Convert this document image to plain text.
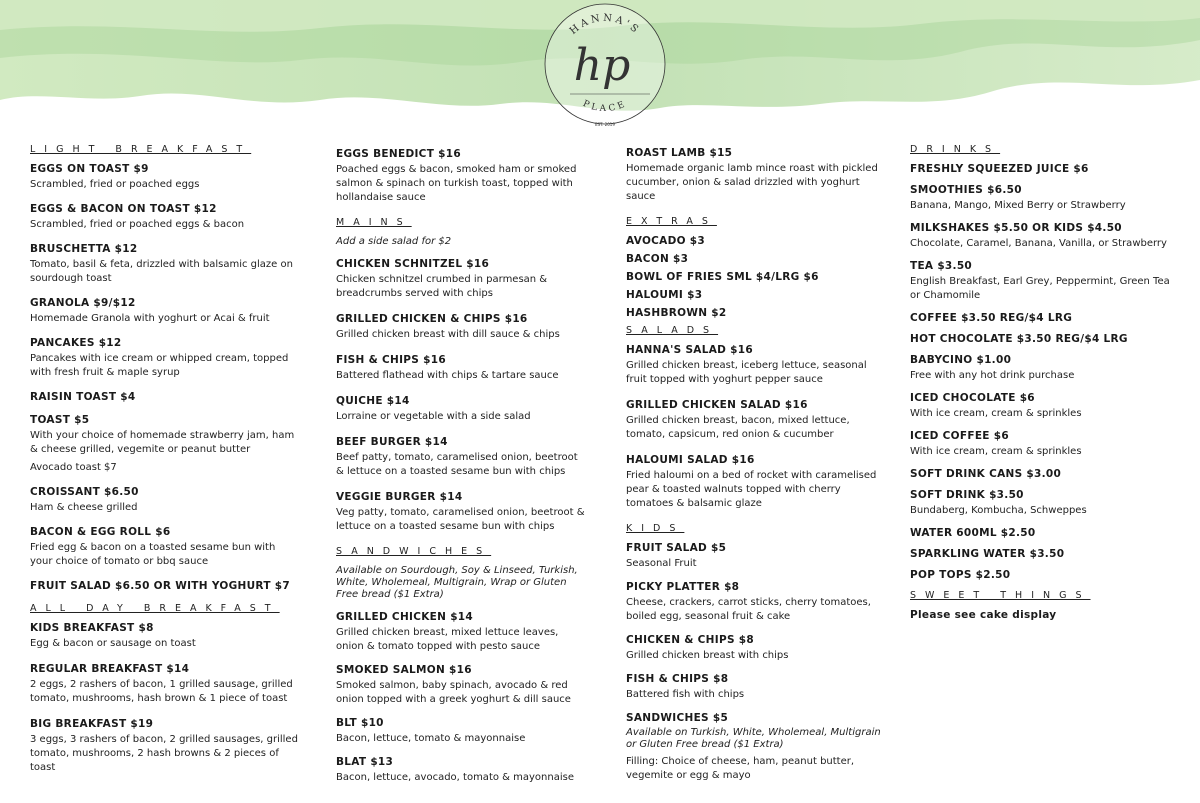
HANNA'S
PLACE
EST. 2019
hp
LIGHT BREAKFAST
EGGS ON TOAST $9
Scrambled, fried or poached eggs
EGGS & BACON ON TOAST $12
Scrambled, fried or poached eggs & bacon
BRUSCHETTA $12
Tomato, basil & feta, drizzled with balsamic glaze on sourdough toast
GRANOLA $9/$12
Homemade Granola with yoghurt or Acai & fruit
PANCAKES $12
Pancakes with ice cream or whipped cream, topped with fresh fruit & maple syrup
RAISIN TOAST $4
TOAST $5
With your choice of homemade strawberry jam, ham & cheese grilled, vegemite or peanut butter
Avocado toast $7
CROISSANT $6.50
Ham & cheese grilled
BACON & EGG ROLL $6
Fried egg & bacon on a toasted sesame bun with your choice of tomato or bbq sauce
FRUIT SALAD $6.50 OR WITH YOGHURT $7
ALL DAY BREAKFAST
KIDS BREAKFAST $8
Egg & bacon or sausage on toast
REGULAR BREAKFAST $14
2 eggs, 2 rashers of bacon, 1 grilled sausage, grilled tomato, mushrooms, hash brown & 1 piece of toast
BIG BREAKFAST $19
3 eggs, 3 rashers of bacon, 2 grilled sausages, grilled tomato, mushrooms, 2 hash browns & 2 pieces of toast
EGGS BENEDICT $16
Poached eggs & bacon, smoked ham or smoked salmon & spinach on turkish toast, topped with hollandaise sauce
MAINS
Add a side salad for $2
CHICKEN SCHNITZEL $16
Chicken schnitzel crumbed in parmesan & breadcrumbs served with chips
GRILLED CHICKEN & CHIPS $16
Grilled chicken breast with dill sauce & chips
FISH & CHIPS $16
Battered flathead with chips & tartare sauce
QUICHE $14
Lorraine or vegetable with a side salad
BEEF BURGER $14
Beef patty, tomato, caramelised onion, beetroot & lettuce on a toasted sesame bun with chips
VEGGIE BURGER $14
Veg patty, tomato, caramelised onion, beetroot & lettuce on a toasted sesame bun with chips
SANDWICHES
Available on Sourdough, Soy & Linseed, Turkish, White, Wholemeal, Multigrain, Wrap or Gluten Free bread ($1 Extra)
GRILLED CHICKEN $14
Grilled chicken breast, mixed lettuce leaves, onion & tomato topped with pesto sauce
SMOKED SALMON $16
Smoked salmon, baby spinach, avocado & red onion topped with a greek yoghurt & dill sauce
BLT $10
Bacon, lettuce, tomato & mayonnaise
BLAT $13
Bacon, lettuce, avocado, tomato & mayonnaise
ROAST LAMB $15
Homemade organic lamb mince roast with pickled cucumber, onion & salad drizzled with yoghurt sauce
EXTRAS
AVOCADO $3
BACON $3
BOWL OF FRIES SML $4/LRG $6
HALOUMI $3
HASHBROWN $2
SALADS
HANNA'S SALAD $16
Grilled chicken breast, iceberg lettuce, seasonal fruit topped with yoghurt pepper sauce
GRILLED CHICKEN SALAD $16
Grilled chicken breast, bacon, mixed lettuce, tomato, capsicum, red onion & cucumber
HALOUMI SALAD $16
Fried haloumi on a bed of rocket with caramelised pear & toasted walnuts topped with cherry tomatoes & balsamic glaze
KIDS
FRUIT SALAD $5
Seasonal Fruit
PICKY PLATTER $8
Cheese, crackers, carrot sticks, cherry tomatoes, boiled egg, seasonal fruit & cake
CHICKEN & CHIPS $8
Grilled chicken breast with chips
FISH & CHIPS $8
Battered fish with chips
SANDWICHES $5
Available on Turkish, White, Wholemeal, Multigrain or Gluten Free bread ($1 Extra)
Filling: Choice of cheese, ham, peanut butter, vegemite or egg & mayo
DRINKS
FRESHLY SQUEEZED JUICE $6
SMOOTHIES $6.50
Banana, Mango, Mixed Berry or Strawberry
MILKSHAKES $5.50 OR KIDS $4.50
Chocolate, Caramel, Banana, Vanilla, or Strawberry
TEA $3.50
English Breakfast, Earl Grey, Peppermint, Green Tea or Chamomile
COFFEE $3.50 REG/$4 LRG
HOT CHOCOLATE $3.50 REG/$4 LRG
BABYCINO $1.00
Free with any hot drink purchase
ICED CHOCOLATE $6
With ice cream, cream & sprinkles
ICED COFFEE $6
With ice cream, cream & sprinkles
SOFT DRINK CANS $3.00
SOFT DRINK $3.50
Bundaberg, Kombucha, Schweppes
WATER 600ML $2.50
SPARKLING WATER $3.50
POP TOPS $2.50
SWEET THINGS
Please see cake display
